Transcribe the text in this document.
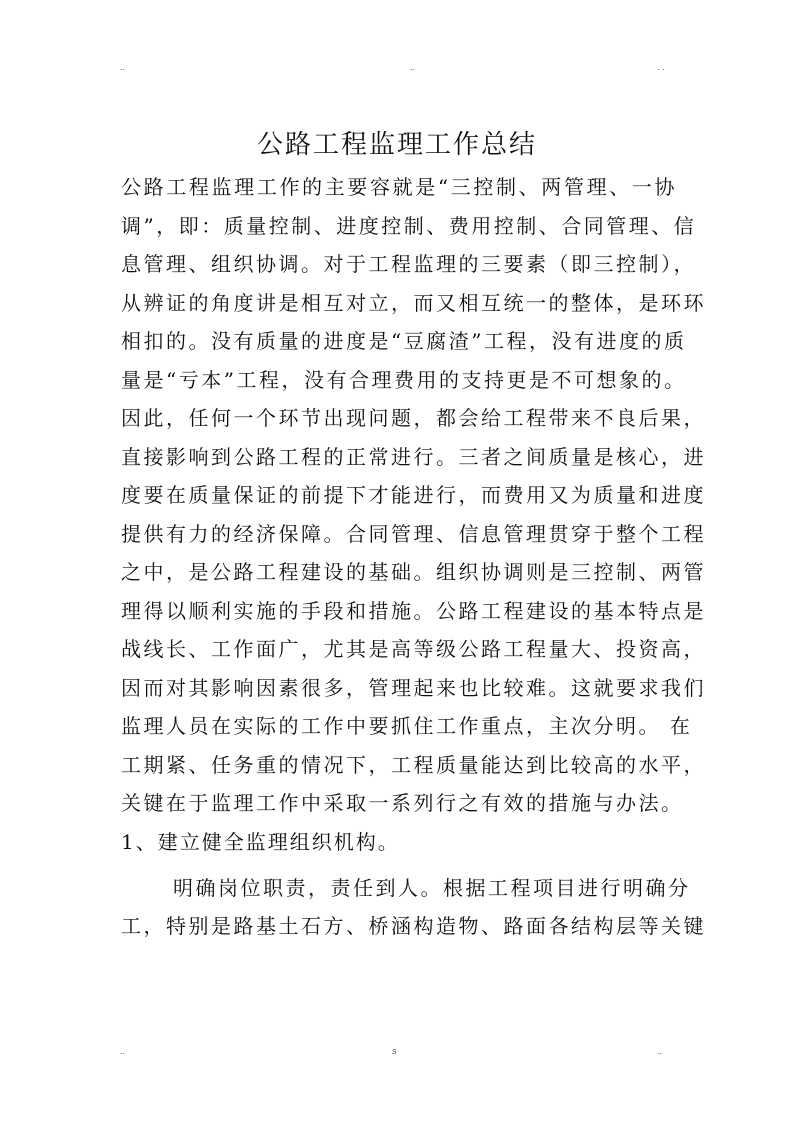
..	..	. .
公路工程监理工作总结
公路工程监理工作的主要容就是“三控制、两管理、一协
调”，即：质量控制、进度控制、费用控制、合同管理、信
息管理、组织协调。对于工程监理的三要素（即三控制），
从辨证的角度讲是相互对立，而又相互统一的整体，是环环
相扣的。没有质量的进度是“豆腐渣”工程，没有进度的质
量是“亏本”工程，没有合理费用的支持更是不可想象的。
因此，任何一个环节出现问题，都会给工程带来不良后果，
直接影响到公路工程的正常进行。三者之间质量是核心，进
度要在质量保证的前提下才能进行，而费用又为质量和进度
提供有力的经济保障。合同管理、信息管理贯穿于整个工程
之中，是公路工程建设的基础。组织协调则是三控制、两管
理得以顺利实施的手段和措施。公路工程建设的基本特点是
战线长、工作面广，尤其是高等级公路工程量大、投资高，
因而对其影响因素很多，管理起来也比较难。这就要求我们
监理人员在实际的工作中要抓住工作重点，主次分明。 在
工期紧、任务重的情况下，工程质量能达到比较高的水平，
关键在于监理工作中采取一系列行之有效的措施与办法。
1、建立健全监理组织机构。
明确岗位职责，责任到人。根据工程项目进行明确分
工，特别是路基土石方、桥涵构造物、路面各结构层等关键
..	s	..
